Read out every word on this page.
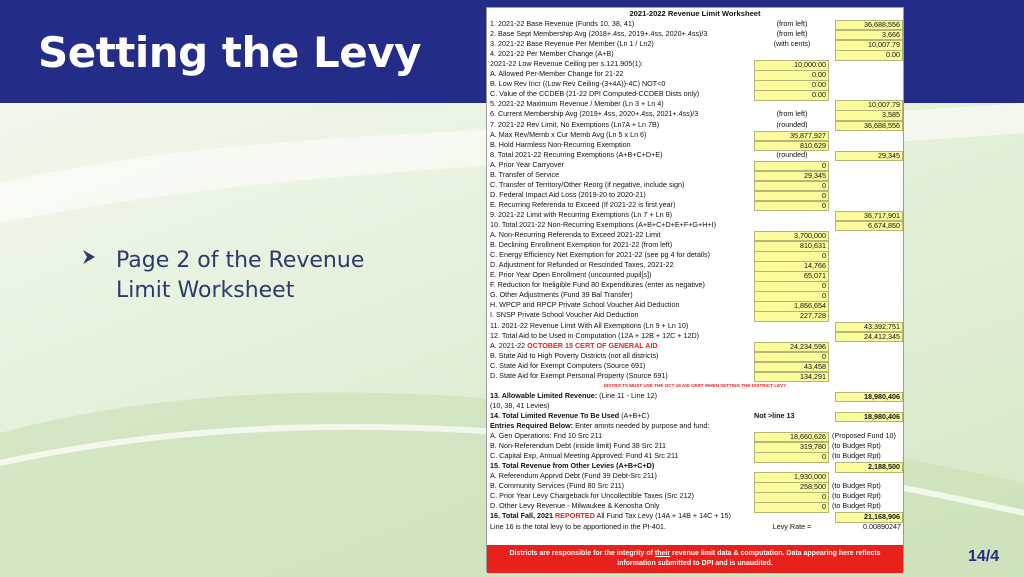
Setting the Levy
Page 2 of the Revenue Limit Worksheet
2021-2022 Revenue Limit Worksheet
1. 2021-22 Base Revenue (Funds 10, 38, 41)	(from left)	36,688,556
2. Base Sept Membership Avg (2018+.4ss, 2019+.4ss, 2020+.4ss)/3	(from left)	3,666
3. 2021-22 Base Revenue Per Member (Ln 1 / Ln2)	(with cents)	10,007.79
4. 2021-22 Per Member Change (A+B)	0.00
2021-22 Low Revenue Ceiling per s.121.905(1):	10,000.00
A. Allowed Per-Member Change for 21-22	0.00
B. Low Rev Incr ((Low Rev Ceiling-(3+4A))-4C) NOT<0	0.00
C. Value of the CCDEB (21-22 DPI Computed-CCDEB Dists only)	0.00
5. 2021-22 Maximum Revenue / Member (Ln 3 + Ln 4)	10,007.79
6. Current Membership Avg (2019+.4ss, 2020+.4ss, 2021+.4ss)/3	(from left)	3,585
7. 2021-22 Rev Limit, No Exemptions (Ln7A + Ln 7B)	(rounded)	36,688,556
A. Max Rev/Memb x Cur Memb Avg (Ln 5 x Ln 6)	35,877,927
B. Hold Harmless Non-Recurring Exemption	810,629
8. Total 2021-22 Recurring Exemptions (A+B+C+D+E)	(rounded)	29,345
A. Prior Year Carryover	0
B. Transfer of Service	29,345
C. Transfer of Territory/Other Reorg (if negative, include sign)	0
D. Federal Impact Aid Loss (2019-20 to 2020-21)	0
E. Recurring Referenda to Exceed (If 2021-22 is first year)	0
9. 2021-22 Limit with Recurring Exemptions (Ln 7 + Ln 8)	36,717,901
10. Total 2021-22 Non-Recurring Exemptions (A+B+C+D+E+F+G+H+I)	6,674,850
A. Non-Recurring Referenda to Exceed 2021-22 Limit	3,700,000
B. Declining Enrollment Exemption for 2021-22 (from left)	810,631
C. Energy Efficiency Net Exemption for 2021-22 (see pg 4 for details)	0
D. Adjustment for Refunded or Rescinded Taxes, 2021-22	14,766
E. Prior Year Open Enrollment (uncounted pupil[s])	65,071
F. Reduction for Ineligible Fund 80 Expenditures (enter as negative)	0
G. Other Adjustments (Fund 39 Bal Transfer)	0
H. WPCP and RPCP Private School Voucher Aid Deduction	1,856,654
I. SNSP Private School Voucher Aid Deduction	227,728
11. 2021-22 Revenue Limit With All Exemptions (Ln 9 + Ln 10)	43,392,751
12. Total Aid to be Used in Computation (12A + 12B + 12C + 12D)	24,412,345
A. 2021-22 OCTOBER 15 CERT OF GENERAL AID	24,234,596
B. State Aid to High Poverty Districts (not all districts)	0
C. State Aid for Exempt Computers (Source 691)	43,458
D. State Aid for Exempt Personal Property (Source 691)	134,291
DISTRICTS MUST USE THE OCT 15 AID CERT WHEN SETTING THE DISTRICT LEVY
13. Allowable Limited Revenue: (Line 11 - Line 12)	18,980,406
(10, 38, 41 Levies)
14. Total Limited Revenue To Be Used (A+B+C)	Not >line 13	18,980,406
Entries Required Below: Enter amnts needed by purpose and fund:
A. Gen Operations: Fnd 10 Src 211	18,660,626 (Proposed Fund 10)
B. Non-Referendum Debt (inside limit) Fund 38 Src 211	319,780 (to Budget Rpt)
C. Capital Exp, Annual Meeting Approved: Fund 41 Src 211	0 (to Budget Rpt)
15. Total Revenue from Other Levies (A+B+C+D)	2,188,500
A. Referendum Apprvd Debt (Fund 39 Debt-Src 211)	1,930,000
B. Community Services (Fund 80 Src 211)	258,500 (to Budget Rpt)
C. Prior Year Levy Chargeback for Uncollectible Taxes (Src 212)	0 (to Budget Rpt)
D. Other Levy Revenue - Milwaukee & Kenosha Only	0 (to Budget Rpt)
16. Total Fall, 2021 REPORTED All Fund Tax Levy (14A + 14B + 14C + 15)	21,168,906
Line 16 is the total levy to be apportioned in the PI-401.	Levy Rate =	0.00890247
Districts are responsible for the integrity of their revenue limit data & computation. Data appearing here reflects information submitted to DPI and is unaudited.	14/4
